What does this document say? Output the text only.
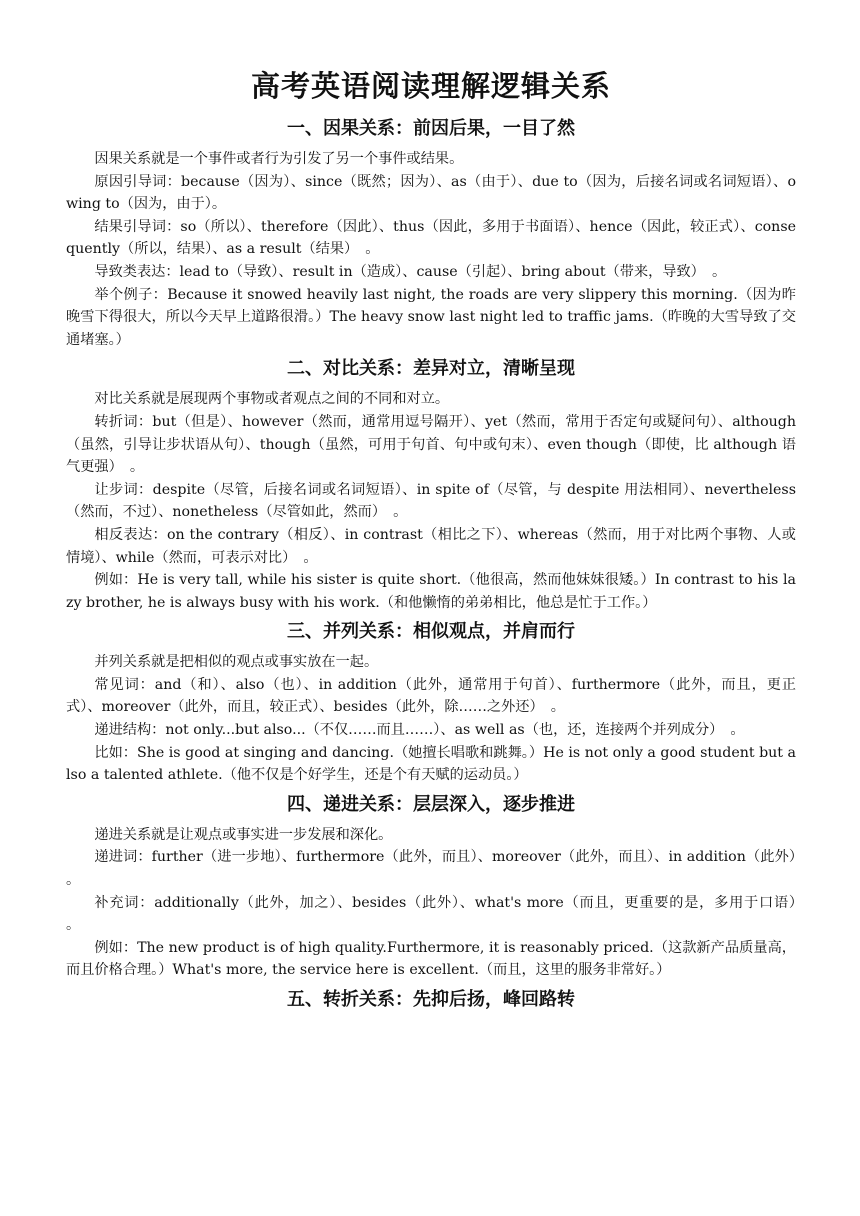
高考英语阅读理解逻辑关系
一、因果关系：前因后果，一目了然

因果关系就是一个事件或者行为引发了另一个事件或结果。

原因引导词：because（因为）、since（既然；因为）、as（由于）、due to（因为，后接名词或名词短语）、owing to（因为，由于）。

结果引导词：so（所以）、therefore（因此）、thus（因此，多用于书面语）、hence（因此，较正式）、consequently（所以，结果）、as a result（结果）　。

导致类表达：lead to（导致）、result in（造成）、cause（引起）、bring about（带来，导致）　。

举个例子：Because it snowed heavily last night, the roads are very slippery this morning.（因为昨晚雪下得很大，所以今天早上道路很滑。）The heavy snow last night led to traffic jams.（昨晚的大雪导致了交通堵塞。）

二、对比关系：差异对立，清晰呈现

对比关系就是展现两个事物或者观点之间的不同和对立。

转折词：but（但是）、however（然而，通常用逗号隔开）、yet（然而，常用于否定句或疑问句）、although（虽然，引导让步状语从句）、though（虽然，可用于句首、句中或句末）、even though（即使，比 although 语气更强）　。

让步词：despite（尽管，后接名词或名词短语）、in spite of（尽管，与 despite 用法相同）、nevertheless（然而，不过）、nonetheless（尽管如此，然而）　。

相反表达：on the contrary（相反）、in contrast（相比之下）、whereas（然而，用于对比两个事物、人或情境）、while（然而，可表示对比）　。

例如：He is very tall, while his sister is quite short.（他很高，然而他妹妹很矮。）In contrast to his lazy brother, he is always busy with his work.（和他懒惰的弟弟相比，他总是忙于工作。）

三、并列关系：相似观点，并肩而行

并列关系就是把相似的观点或事实放在一起。

常见词：and（和）、also（也）、in addition（此外，通常用于句首）、furthermore（此外，而且，更正式）、moreover（此外，而且，较正式）、besides（此外，除……之外还）　。

递进结构：not only...but also...（不仅……而且……）、as well as（也，还，连接两个并列成分）　。

比如：She is good at singing and dancing.（她擅长唱歌和跳舞。）He is not only a good student but also a talented athlete.（他不仅是个好学生，还是个有天赋的运动员。）

四、递进关系：层层深入，逐步推进

递进关系就是让观点或事实进一步发展和深化。

递进词：further（进一步地）、furthermore（此外，而且）、moreover（此外，而且）、in addition（此外）　。

补充词：additionally（此外，加之）、besides（此外）、what's more（而且，更重要的是，多用于口语）　。

例如：The new product is of high quality.Furthermore, it is reasonably priced.（这款新产品质量高，而且价格合理。）What's more, the service here is excellent.（而且，这里的服务非常好。）

五、转折关系：先抑后扬，峰回路转
